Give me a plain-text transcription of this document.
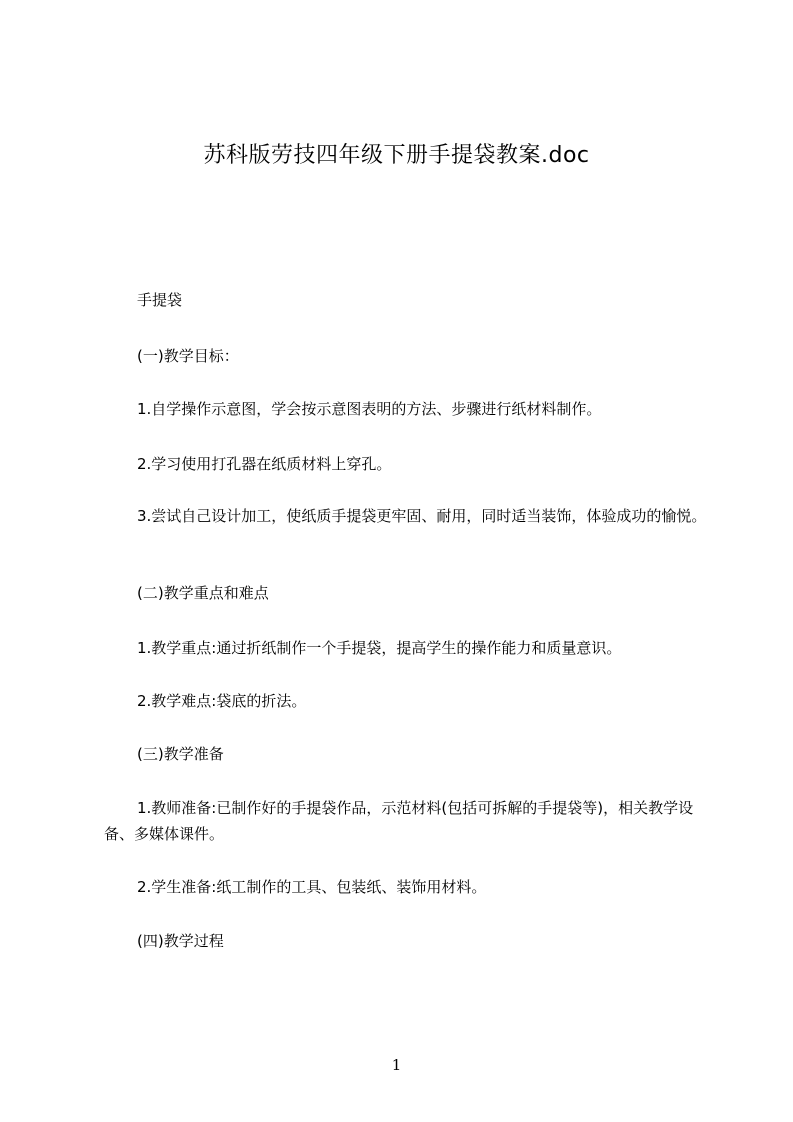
苏科版劳技四年级下册手提袋教案.doc
手提袋
(一)教学目标：
1.自学操作示意图，学会按示意图表明的方法、步骤进行纸材料制作。
2.学习使用打孔器在纸质材料上穿孔。
3.尝试自己设计加工，使纸质手提袋更牢固、耐用，同时适当装饰，体验成功的愉悦。
(二)教学重点和难点
1.教学重点:通过折纸制作一个手提袋，提高学生的操作能力和质量意识。
2.教学难点:袋底的折法。
(三)教学准备
1.教师准备:已制作好的手提袋作品，示范材料(包括可拆解的手提袋等)，相关教学设备、多媒体课件。
2.学生准备:纸工制作的工具、包装纸、装饰用材料。
(四)教学过程
1
